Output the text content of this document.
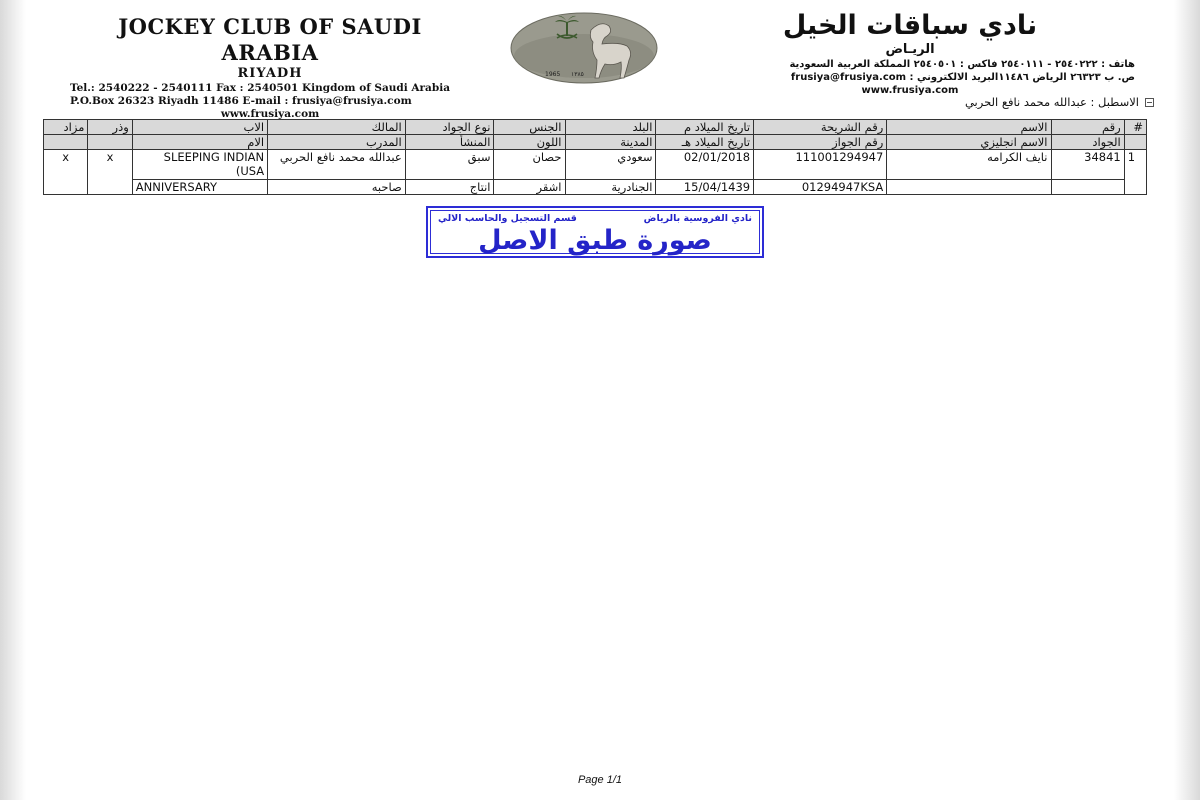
JOCKEY CLUB OF SAUDI ARABIA
RIYADH
Tel.: 2540222 - 2540111 Fax : 2540501 Kingdom of Saudi Arabia
P.O.Box 26323 Riyadh 11486 E-mail : frusiya@frusiya.com
www.frusiya.com
1965 ١٣٨٥
نادي سباقات الخيل
الريـاض
هاتف : ٢٥٤٠٢٢٢ - ٢٥٤٠١١١ فاكس : ٢٥٤٠٥٠١ المملكة العربية السعودية
ص. ب ٢٦٣٢٣ الرياض ١١٤٨٦البريد الالكتروني : frusiya@frusiya.com
www.frusiya.com
الاسطبل : عبدالله محمد نافع الحربي
مزاد	وذر	الاب	المالك	نوع الجواد	الجنس	البلد	تاريخ الميلاد م	رقم الشريحة	الاسم	رقم	#
		الام	المدرب	المنشأ	اللون	المدينة	تاريخ الميلاد هـ	رقم الجواز	الاسم انجليزي	الجواد	
x	x	SLEEPING INDIAN (USA	عبدالله محمد نافع الحربي	سبق	حصان	سعودي	02/01/2018	111001294947	نايف الكرامه	34841	1
		ANNIVERSARY	صاحبه	انتاج	اشقر	الجنادرية	15/04/1439	01294947KSA			
نادي الفروسية بالرياض
قسم التسجيل والحاسب الالي
صورة طبق الاصل
Page 1/1
